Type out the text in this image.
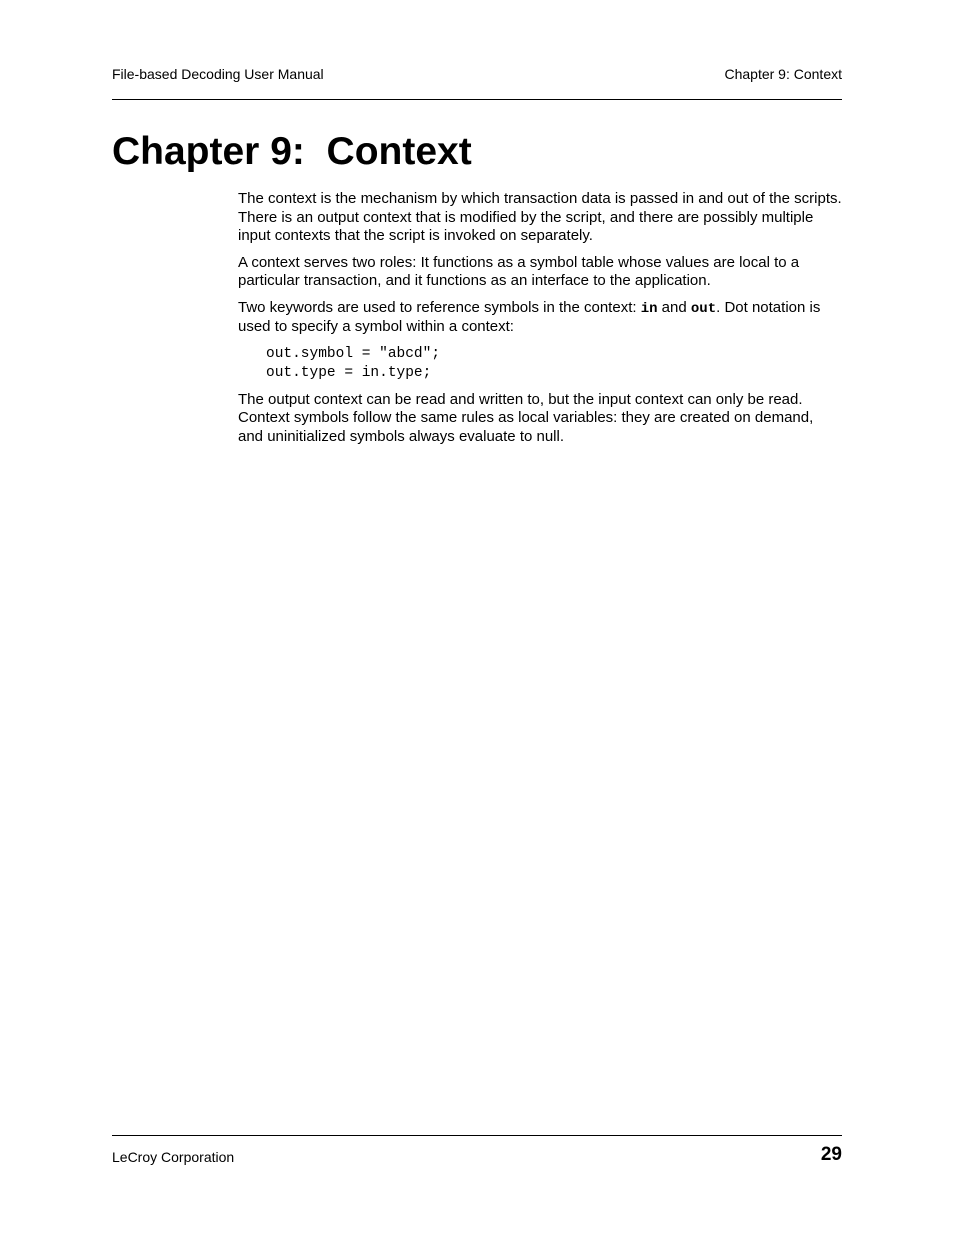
File-based Decoding User Manual	Chapter 9: Context
Chapter 9:  Context

The context is the mechanism by which transaction data is passed in and out of the scripts. There is an output context that is modified by the script, and there are possibly multiple input contexts that the script is invoked on separately.

A context serves two roles: It functions as a symbol table whose values are local to a particular transaction, and it functions as an interface to the application.

Two keywords are used to reference symbols in the context: in and out. Dot notation is used to specify a symbol within a context:

out.symbol = "abcd";
out.type = in.type;

The output context can be read and written to, but the input context can only be read. Context symbols follow the same rules as local variables: they are created on demand, and uninitialized symbols always evaluate to null.

LeCroy Corporation	29
